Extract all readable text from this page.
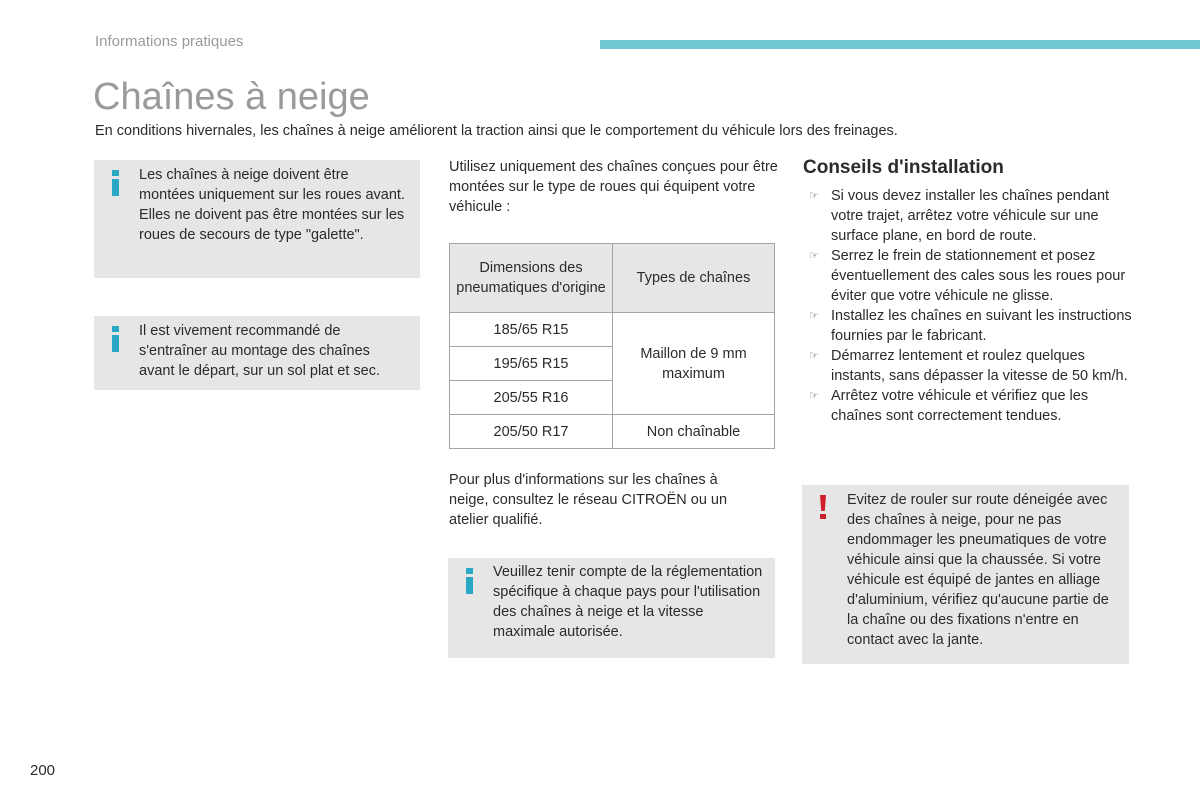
Informations pratiques
Chaînes à neige
En conditions hivernales, les chaînes à neige améliorent la traction ainsi que le comportement du véhicule lors des freinages.
Les chaînes à neige doivent être montées uniquement sur les roues avant. Elles ne doivent pas être montées sur les roues de secours de type "galette".
Il est vivement recommandé de s'entraîner au montage des chaînes avant le départ, sur un sol plat et sec.
Utilisez uniquement des chaînes conçues pour être montées sur le type de roues qui équipent votre véhicule :
Dimensions des pneumatiques d'origine	Types de chaînes
185/65 R15	Maillon de 9 mm maximum
195/65 R15	
205/55 R16	
205/50 R17	Non chaînable
Pour plus d'informations sur les chaînes à neige, consultez le réseau CITROËN ou un atelier qualifié.
Veuillez tenir compte de la réglementation spécifique à chaque pays pour l'utilisation des chaînes à neige et la vitesse maximale autorisée.
Conseils d'installation
☞ Si vous devez installer les chaînes pendant votre trajet, arrêtez votre véhicule sur une surface plane, en bord de route.
☞ Serrez le frein de stationnement et posez éventuellement des cales sous les roues pour éviter que votre véhicule ne glisse.
☞ Installez les chaînes en suivant les instructions fournies par le fabricant.
☞ Démarrez lentement et roulez quelques instants, sans dépasser la vitesse de 50 km/h.
☞ Arrêtez votre véhicule et vérifiez que les chaînes sont correctement tendues.
Evitez de rouler sur route déneigée avec des chaînes à neige, pour ne pas endommager les pneumatiques de votre véhicule ainsi que la chaussée. Si votre véhicule est équipé de jantes en alliage d'aluminium, vérifiez qu'aucune partie de la chaîne ou des fixations n'entre en contact avec la jante.
200
